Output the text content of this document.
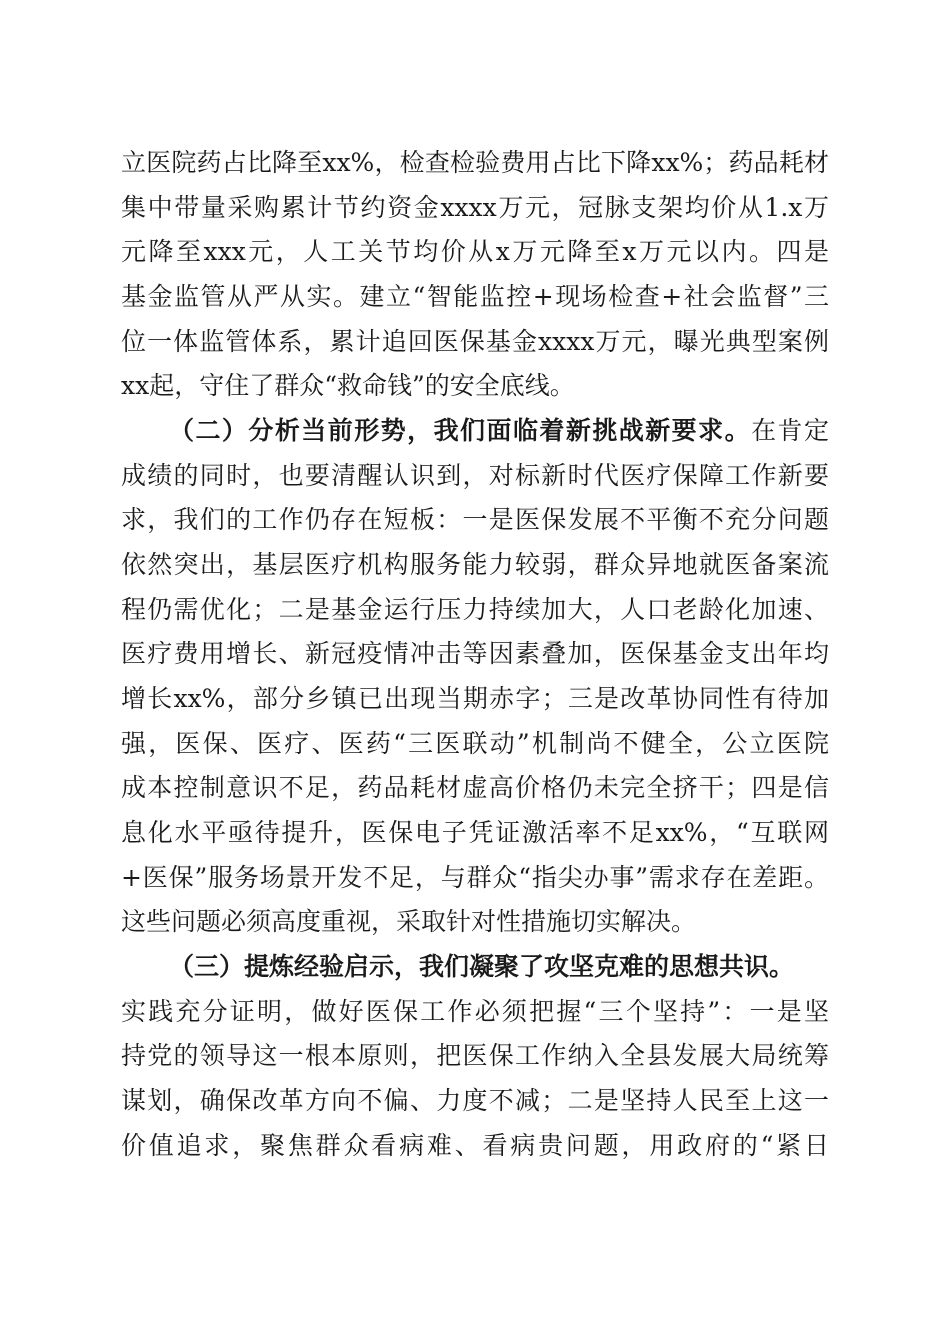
立医院药占比降至xx%，检查检验费用占比下降xx%；药品耗材
集中带量采购累计节约资金xxxx万元，冠脉支架均价从1.x万
元降至xxx元，人工关节均价从x万元降至x万元以内。四是
基金监管从严从实。建立“智能监控+现场检查+社会监督”三
位一体监管体系，累计追回医保基金xxxx万元，曝光典型案例
xx起，守住了群众“救命钱”的安全底线。
（二）分析当前形势，我们面临着新挑战新要求。在肯定
成绩的同时，也要清醒认识到，对标新时代医疗保障工作新要
求，我们的工作仍存在短板：一是医保发展不平衡不充分问题
依然突出，基层医疗机构服务能力较弱，群众异地就医备案流
程仍需优化；二是基金运行压力持续加大，人口老龄化加速、
医疗费用增长、新冠疫情冲击等因素叠加，医保基金支出年均
增长xx%，部分乡镇已出现当期赤字；三是改革协同性有待加
强，医保、医疗、医药“三医联动”机制尚不健全，公立医院
成本控制意识不足，药品耗材虚高价格仍未完全挤干；四是信
息化水平亟待提升，医保电子凭证激活率不足xx%，“互联网
+医保”服务场景开发不足，与群众“指尖办事”需求存在差距。
这些问题必须高度重视，采取针对性措施切实解决。
（三）提炼经验启示，我们凝聚了攻坚克难的思想共识。
实践充分证明，做好医保工作必须把握“三个坚持”：一是坚
持党的领导这一根本原则，把医保工作纳入全县发展大局统筹
谋划，确保改革方向不偏、力度不减；二是坚持人民至上这一
价值追求，聚焦群众看病难、看病贵问题，用政府的“紧日
